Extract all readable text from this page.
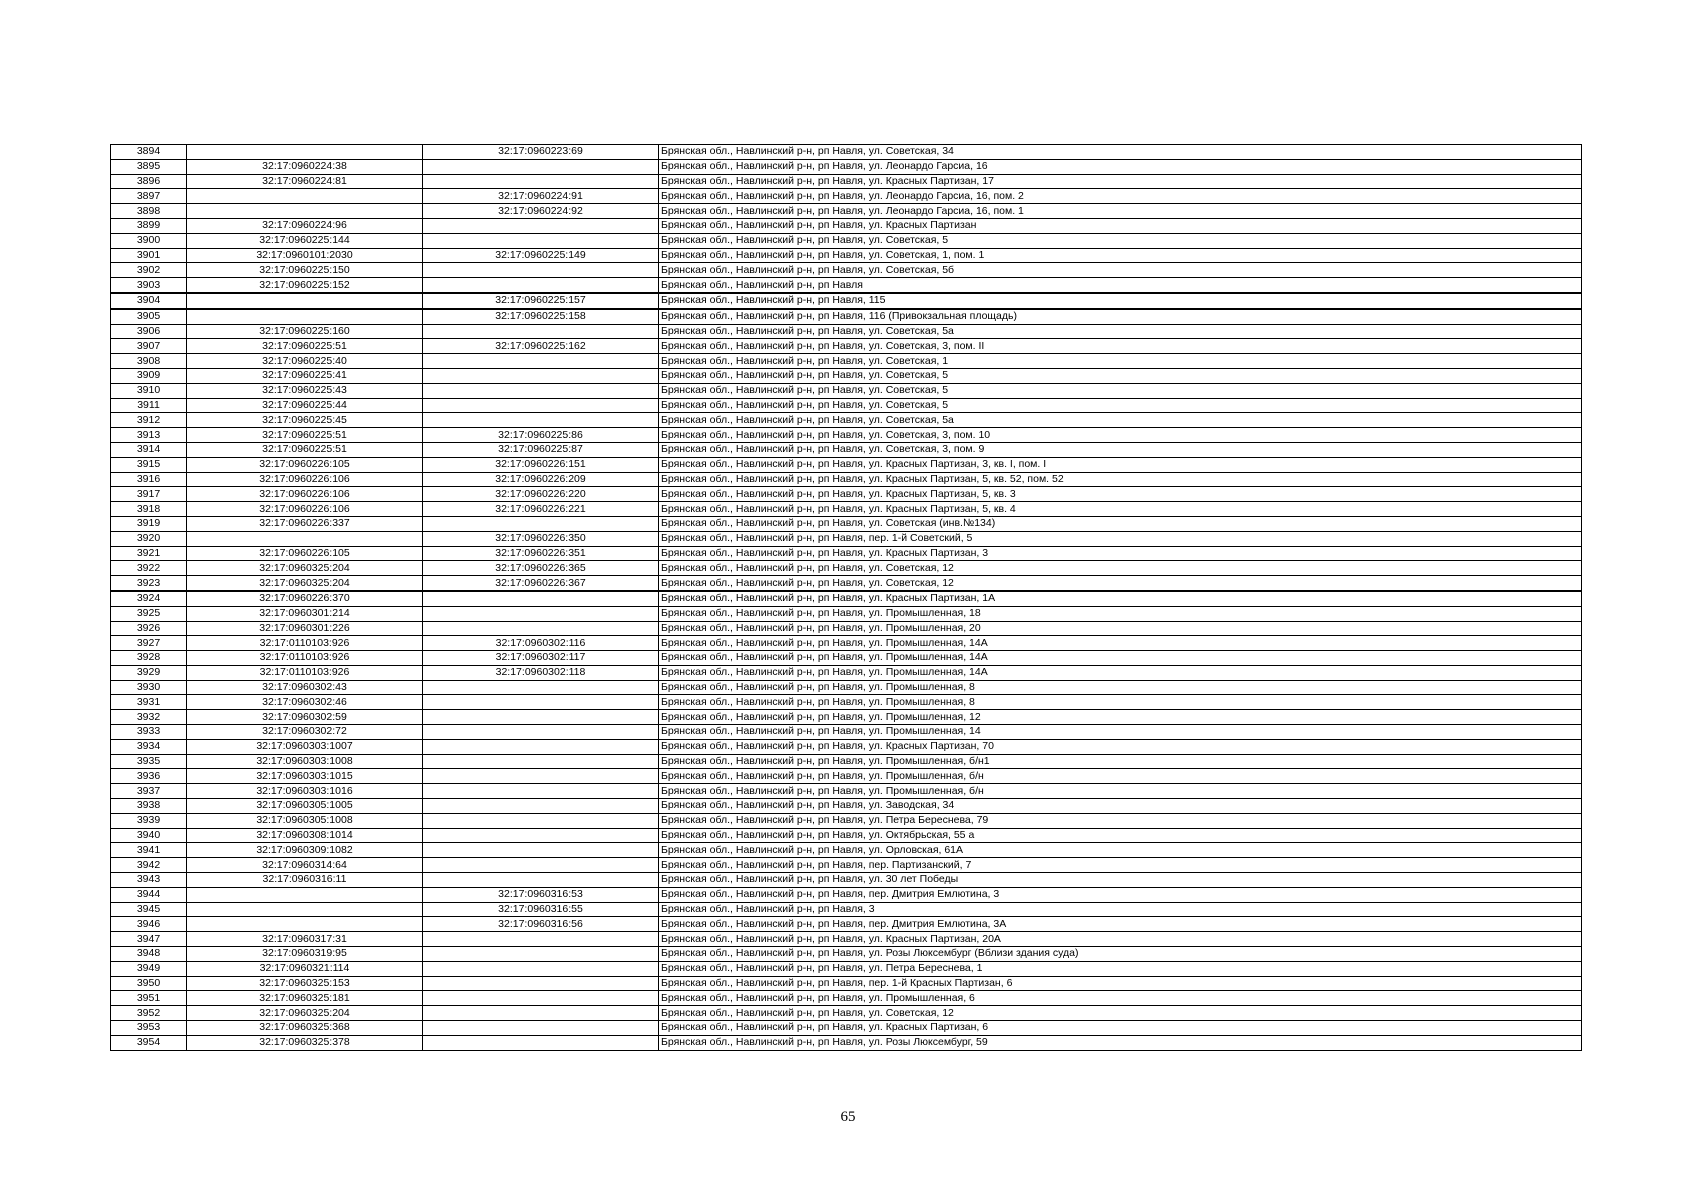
3894		32:17:0960223:69	Брянская обл., Навлинский р-н, рп Навля, ул. Советская, 34
3895	32:17:0960224:38		Брянская обл., Навлинский р-н, рп Навля, ул. Леонардо Гарсиа, 16
3896	32:17:0960224:81		Брянская обл., Навлинский р-н, рп Навля, ул. Красных Партизан, 17
3897		32:17:0960224:91	Брянская обл., Навлинский р-н, рп Навля, ул. Леонардо Гарсиа, 16, пом. 2
3898		32:17:0960224:92	Брянская обл., Навлинский р-н, рп Навля, ул. Леонардо Гарсиа, 16, пом. 1
3899	32:17:0960224:96		Брянская обл., Навлинский р-н, рп Навля, ул. Красных Партизан
3900	32:17:0960225:144		Брянская обл., Навлинский р-н, рп Навля, ул. Советская, 5
3901	32:17:0960101:2030	32:17:0960225:149	Брянская обл., Навлинский р-н, рп Навля, ул. Советская, 1, пом. 1
3902	32:17:0960225:150		Брянская обл., Навлинский р-н, рп Навля, ул. Советская, 5б
3903	32:17:0960225:152		Брянская обл., Навлинский р-н, рп Навля
3904		32:17:0960225:157	Брянская обл., Навлинский р-н, рп Навля, 115
3905		32:17:0960225:158	Брянская обл., Навлинский р-н, рп Навля, 116 (Привокзальная площадь)
3906	32:17:0960225:160		Брянская обл., Навлинский р-н, рп Навля, ул. Советская, 5а
3907	32:17:0960225:51	32:17:0960225:162	Брянская обл., Навлинский р-н, рп Навля, ул. Советская, 3, пом. II
3908	32:17:0960225:40		Брянская обл., Навлинский р-н, рп Навля, ул. Советская, 1
3909	32:17:0960225:41		Брянская обл., Навлинский р-н, рп Навля, ул. Советская, 5
3910	32:17:0960225:43		Брянская обл., Навлинский р-н, рп Навля, ул. Советская, 5
3911	32:17:0960225:44		Брянская обл., Навлинский р-н, рп Навля, ул. Советская, 5
3912	32:17:0960225:45		Брянская обл., Навлинский р-н, рп Навля, ул. Советская, 5а
3913	32:17:0960225:51	32:17:0960225:86	Брянская обл., Навлинский р-н, рп Навля, ул. Советская, 3, пом. 10
3914	32:17:0960225:51	32:17:0960225:87	Брянская обл., Навлинский р-н, рп Навля, ул. Советская, 3, пом. 9
3915	32:17:0960226:105	32:17:0960226:151	Брянская обл., Навлинский р-н, рп Навля, ул. Красных Партизан, 3, кв. I, пом. I
3916	32:17:0960226:106	32:17:0960226:209	Брянская обл., Навлинский р-н, рп Навля, ул. Красных Партизан, 5, кв. 52, пом. 52
3917	32:17:0960226:106	32:17:0960226:220	Брянская обл., Навлинский р-н, рп Навля, ул. Красных Партизан, 5, кв. 3
3918	32:17:0960226:106	32:17:0960226:221	Брянская обл., Навлинский р-н, рп Навля, ул. Красных Партизан, 5, кв. 4
3919	32:17:0960226:337		Брянская обл., Навлинский р-н, рп Навля, ул. Советская (инв.№134)
3920		32:17:0960226:350	Брянская обл., Навлинский р-н, рп Навля, пер. 1-й Советский, 5
3921	32:17:0960226:105	32:17:0960226:351	Брянская обл., Навлинский р-н, рп Навля, ул. Красных Партизан, 3
3922	32:17:0960325:204	32:17:0960226:365	Брянская обл., Навлинский р-н, рп Навля, ул. Советская, 12
3923	32:17:0960325:204	32:17:0960226:367	Брянская обл., Навлинский р-н, рп Навля, ул. Советская, 12
3924	32:17:0960226:370		Брянская обл., Навлинский р-н, рп Навля, ул. Красных Партизан, 1А
3925	32:17:0960301:214		Брянская обл., Навлинский р-н, рп Навля, ул. Промышленная, 18
3926	32:17:0960301:226		Брянская обл., Навлинский р-н, рп Навля, ул. Промышленная, 20
3927	32:17:0110103:926	32:17:0960302:116	Брянская обл., Навлинский р-н, рп Навля, ул. Промышленная, 14А
3928	32:17:0110103:926	32:17:0960302:117	Брянская обл., Навлинский р-н, рп Навля, ул. Промышленная, 14А
3929	32:17:0110103:926	32:17:0960302:118	Брянская обл., Навлинский р-н, рп Навля, ул. Промышленная, 14А
3930	32:17:0960302:43		Брянская обл., Навлинский р-н, рп Навля, ул. Промышленная, 8
3931	32:17:0960302:46		Брянская обл., Навлинский р-н, рп Навля, ул. Промышленная, 8
3932	32:17:0960302:59		Брянская обл., Навлинский р-н, рп Навля, ул. Промышленная, 12
3933	32:17:0960302:72		Брянская обл., Навлинский р-н, рп Навля, ул. Промышленная, 14
3934	32:17:0960303:1007		Брянская обл., Навлинский р-н, рп Навля, ул. Красных Партизан, 70
3935	32:17:0960303:1008		Брянская обл., Навлинский р-н, рп Навля, ул. Промышленная, б/н1
3936	32:17:0960303:1015		Брянская обл., Навлинский р-н, рп Навля, ул. Промышленная, б/н
3937	32:17:0960303:1016		Брянская обл., Навлинский р-н, рп Навля, ул. Промышленная, б/н
3938	32:17:0960305:1005		Брянская обл., Навлинский р-н, рп Навля, ул. Заводская, 34
3939	32:17:0960305:1008		Брянская обл., Навлинский р-н, рп Навля, ул. Петра Береснева, 79
3940	32:17:0960308:1014		Брянская обл., Навлинский р-н, рп Навля, ул. Октябрьская, 55 а
3941	32:17:0960309:1082		Брянская обл., Навлинский р-н, рп Навля, ул. Орловская, 61А
3942	32:17:0960314:64		Брянская обл., Навлинский р-н, рп Навля, пер. Партизанский, 7
3943	32:17:0960316:11		Брянская обл., Навлинский р-н, рп Навля, ул. 30 лет Победы
3944		32:17:0960316:53	Брянская обл., Навлинский р-н, рп Навля, пер. Дмитрия Емлютина, 3
3945		32:17:0960316:55	Брянская обл., Навлинский р-н, рп Навля, 3
3946		32:17:0960316:56	Брянская обл., Навлинский р-н, рп Навля, пер. Дмитрия Емлютина, 3А
3947	32:17:0960317:31		Брянская обл., Навлинский р-н, рп Навля, ул. Красных Партизан, 20А
3948	32:17:0960319:95		Брянская обл., Навлинский р-н, рп Навля, ул. Розы Люксембург (Вблизи здания суда)
3949	32:17:0960321:114		Брянская обл., Навлинский р-н, рп Навля, ул. Петра Береснева, 1
3950	32:17:0960325:153		Брянская обл., Навлинский р-н, рп Навля, пер. 1-й Красных Партизан, 6
3951	32:17:0960325:181		Брянская обл., Навлинский р-н, рп Навля, ул. Промышленная, 6
3952	32:17:0960325:204		Брянская обл., Навлинский р-н, рп Навля, ул. Советская, 12
3953	32:17:0960325:368		Брянская обл., Навлинский р-н, рп Навля, ул. Красных Партизан, 6
3954	32:17:0960325:378		Брянская обл., Навлинский р-н, рп Навля, ул. Розы Люксембург, 59
65
